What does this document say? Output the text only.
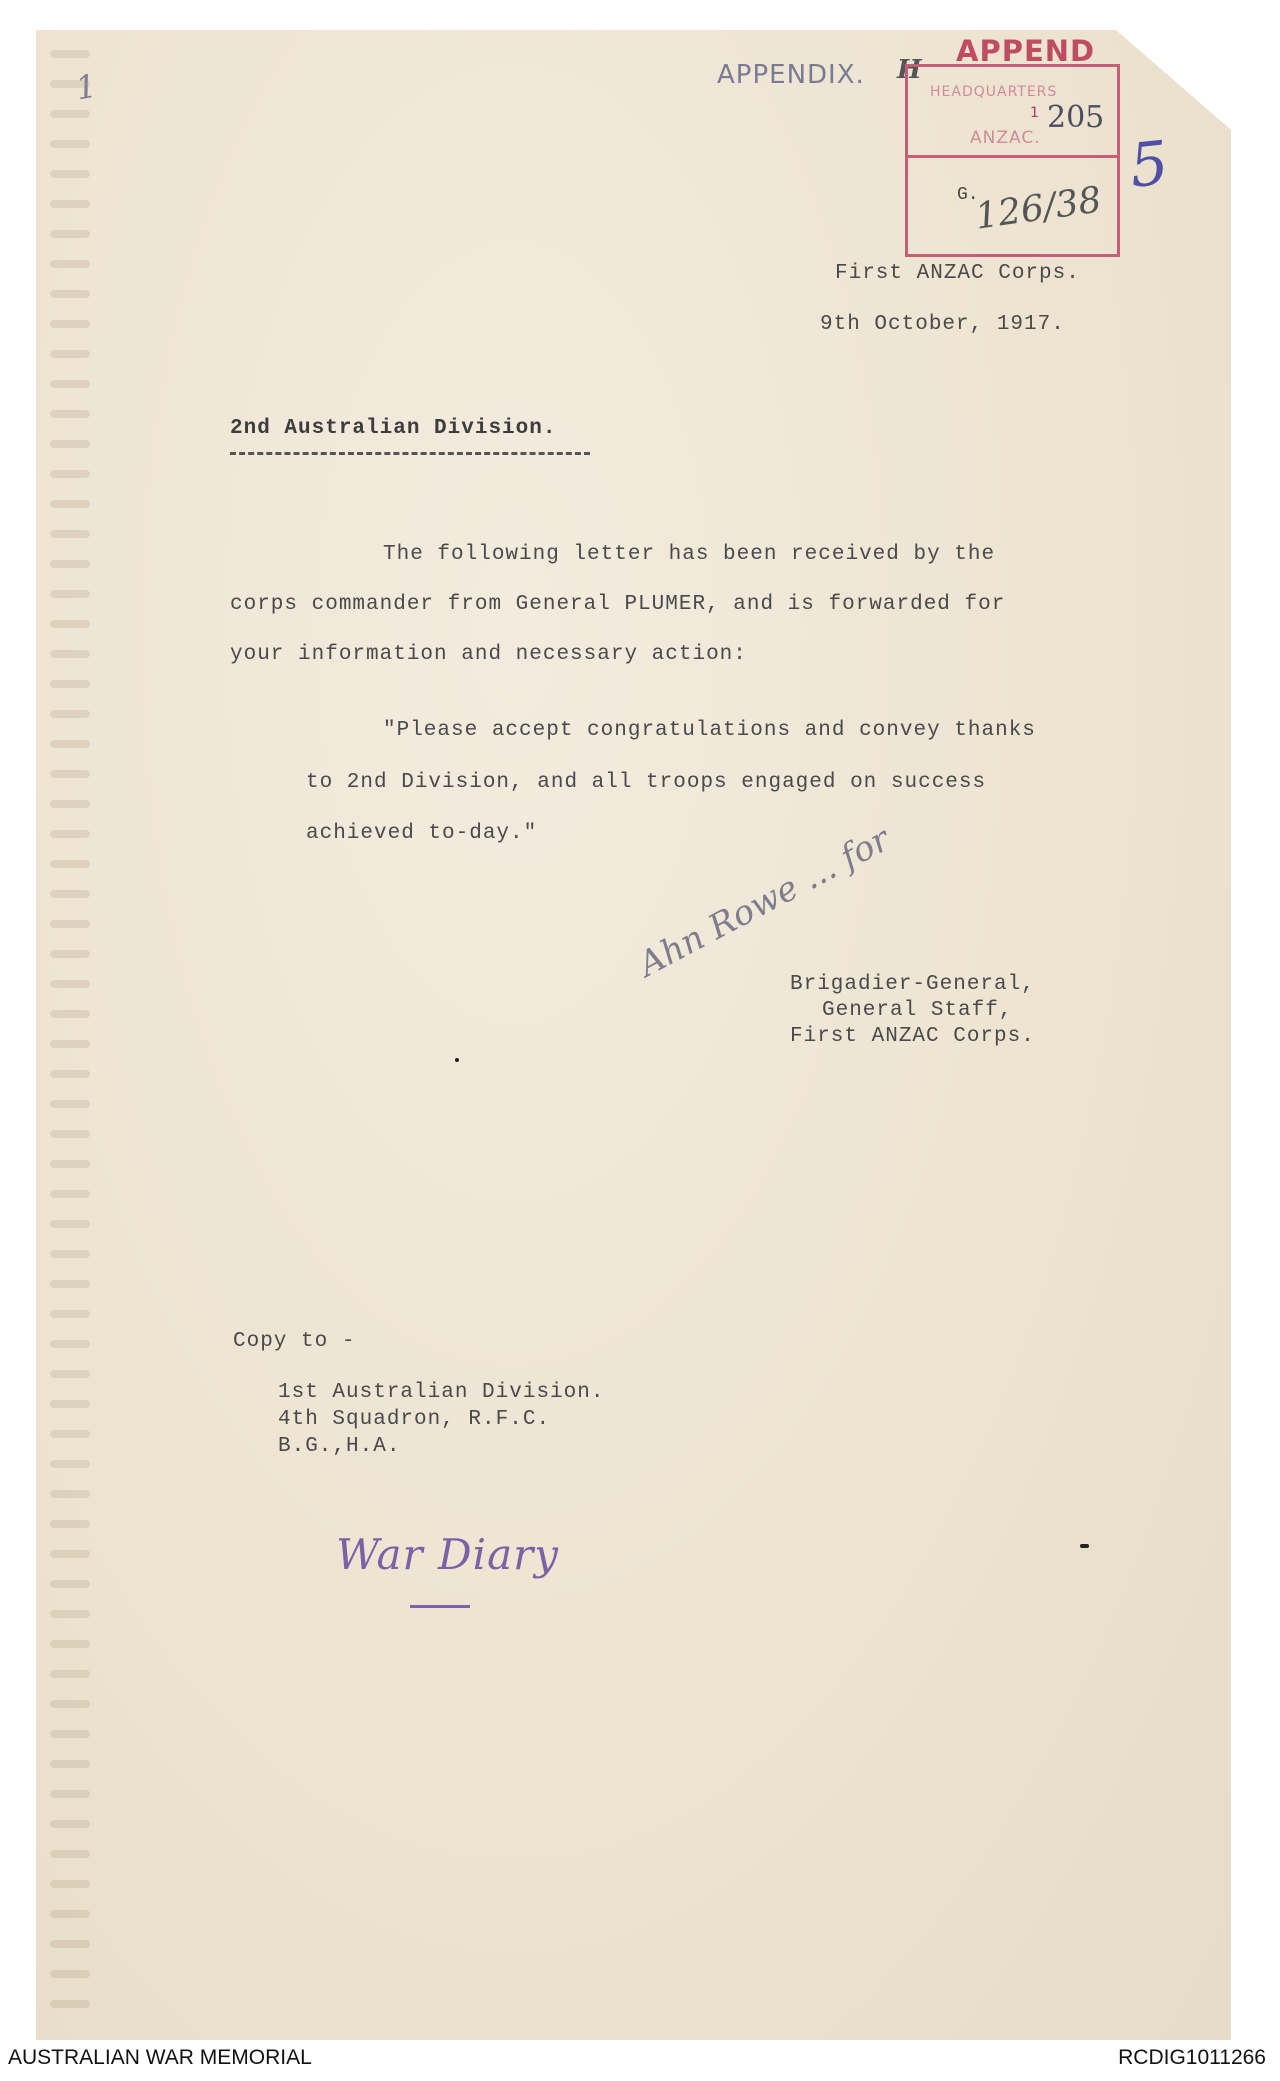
APPENDIX. H
APPEND
HEADQUARTERS
ANZAC.
1 205
G.
126/38
1
5
First ANZAC Corps.
9th October, 1917.
2nd Australian Division.
The following letter has been received by the
corps commander from General PLUMER, and is forwarded for
your information and necessary action:
"Please accept congratulations and convey thanks
to 2nd Division, and all troops engaged on success
achieved to-day."	Ahn Rowe ... for
Brigadier-General,
General Staff,
First ANZAC Corps.
Copy to -
1st Australian Division.
4th Squadron, R.F.C.
B.G.,H.A.
War Diary
AUSTRALIAN WAR MEMORIAL	RCDIG1011266
